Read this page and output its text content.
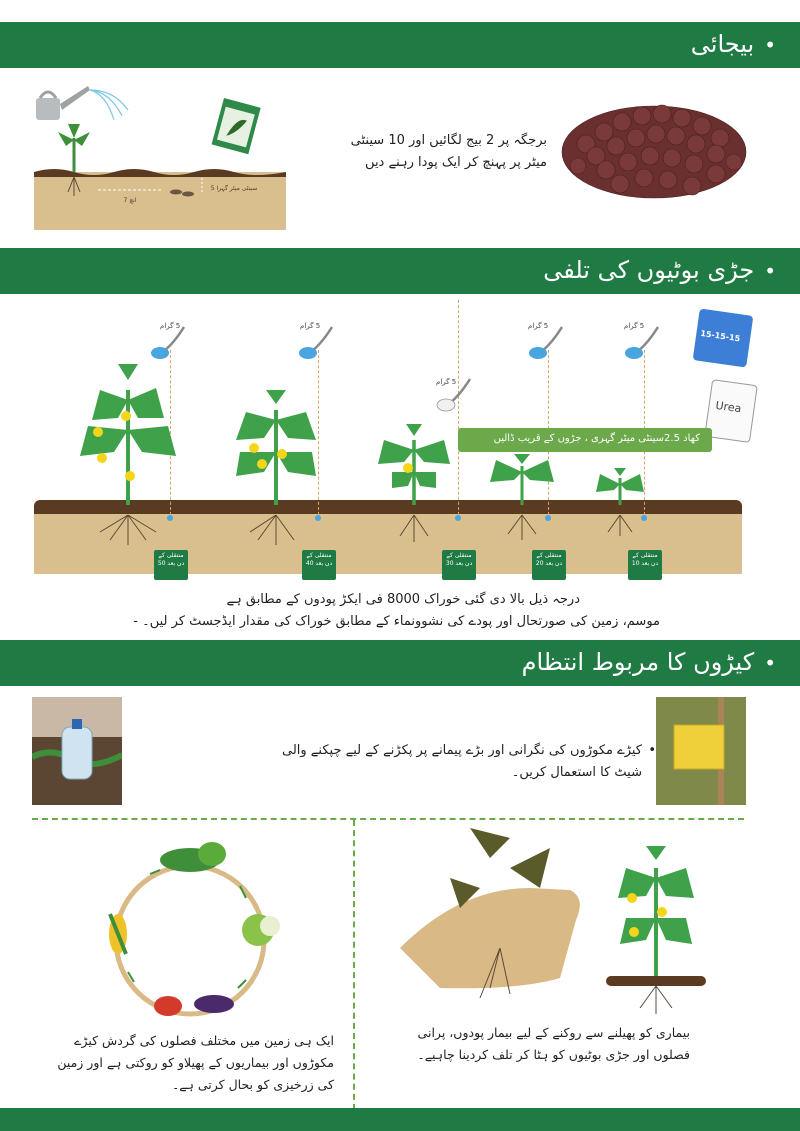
•بیجائی
5 سینٹی میٹر گہرا
7 انچ
برجگہ پر 2 بیج لگائیں اور 10 سینٹی میٹر پر پہنچ کر ایک پودا رہنے دیں
•جڑی بوٹیوں کی تلفی
5 گرام	5 گرام
5 گرام
5 گرام	5 گرام
15-15-15
Urea
کھاد 2.5سینٹی میٹر گہری ، جڑوں کے قریب ڈالیں
منتقلی کے دن بعد 50
منتقلی کے دن بعد 40
منتقلی کے دن بعد 30
منتقلی کے دن بعد 20
منتقلی کے دن بعد 10
درجہ ذیل بالا دی گئی خوراک 8000 فی ایکڑ پودوں کے مطابق ہے
موسم، زمین کی صورتحال اور پودے کی نشوونماء کے مطابق خوراک کی مقدار ایڈجسٹ کر لیں۔ -
•کیڑوں کا مربوط انتظام
•
کیڑے مکوڑوں کی نگرانی اور بڑے پیمانے پر پکڑنے کے لیے چپکنے والی شیٹ کا استعمال کریں۔
ایک ہی زمین میں مختلف فصلوں کی گردش کیڑے مکوڑوں اور بیماریوں کے پھیلاو کو روکتی ہے اور زمین کی زرخیزی کو بحال کرتی ہے۔
بیماری کو پھیلنے سے روکنے کے لیے بیمار پودوں، پرانی فصلوں اور جڑی بوٹیوں کو ہٹا کر تلف کردینا چاہیے۔
